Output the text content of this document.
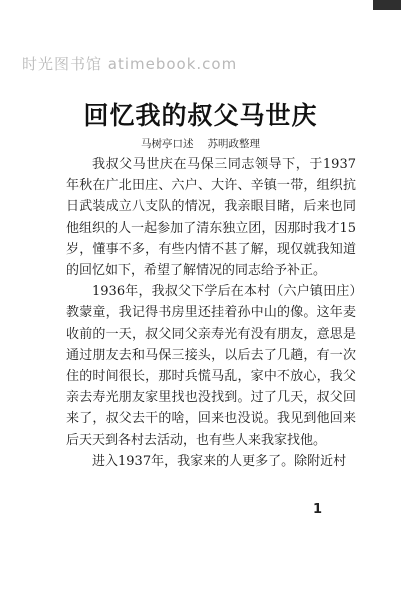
时光图书馆 atimebook.com
回忆我的叔父马世庆
马树亭口述 苏明政整理

我叔父马世庆在马保三同志领导下，于1937年秋在广北田庄、六户、大许、辛镇一带，组织抗日武装成立八支队的情况，我亲眼目睹，后来也同他组织的人一起参加了清东独立团，因那时我才15岁，懂事不多，有些内情不甚了解，现仅就我知道的回忆如下，希望了解情况的同志给予补正。

1936年，我叔父下学后在本村（六户镇田庄）教蒙童，我记得书房里还挂着孙中山的像。这年麦收前的一天，叔父同父亲寿光有没有朋友，意思是通过朋友去和马保三接头，以后去了几趟，有一次住的时间很长，那时兵慌马乱，家中不放心，我父亲去寿光朋友家里找也没找到。过了几天，叔父回来了，叔父去干的啥，回来也没说。我见到他回来后天天到各村去活动，也有些人来我家找他。

进入1937年，我家来的人更多了。除附近村

1
